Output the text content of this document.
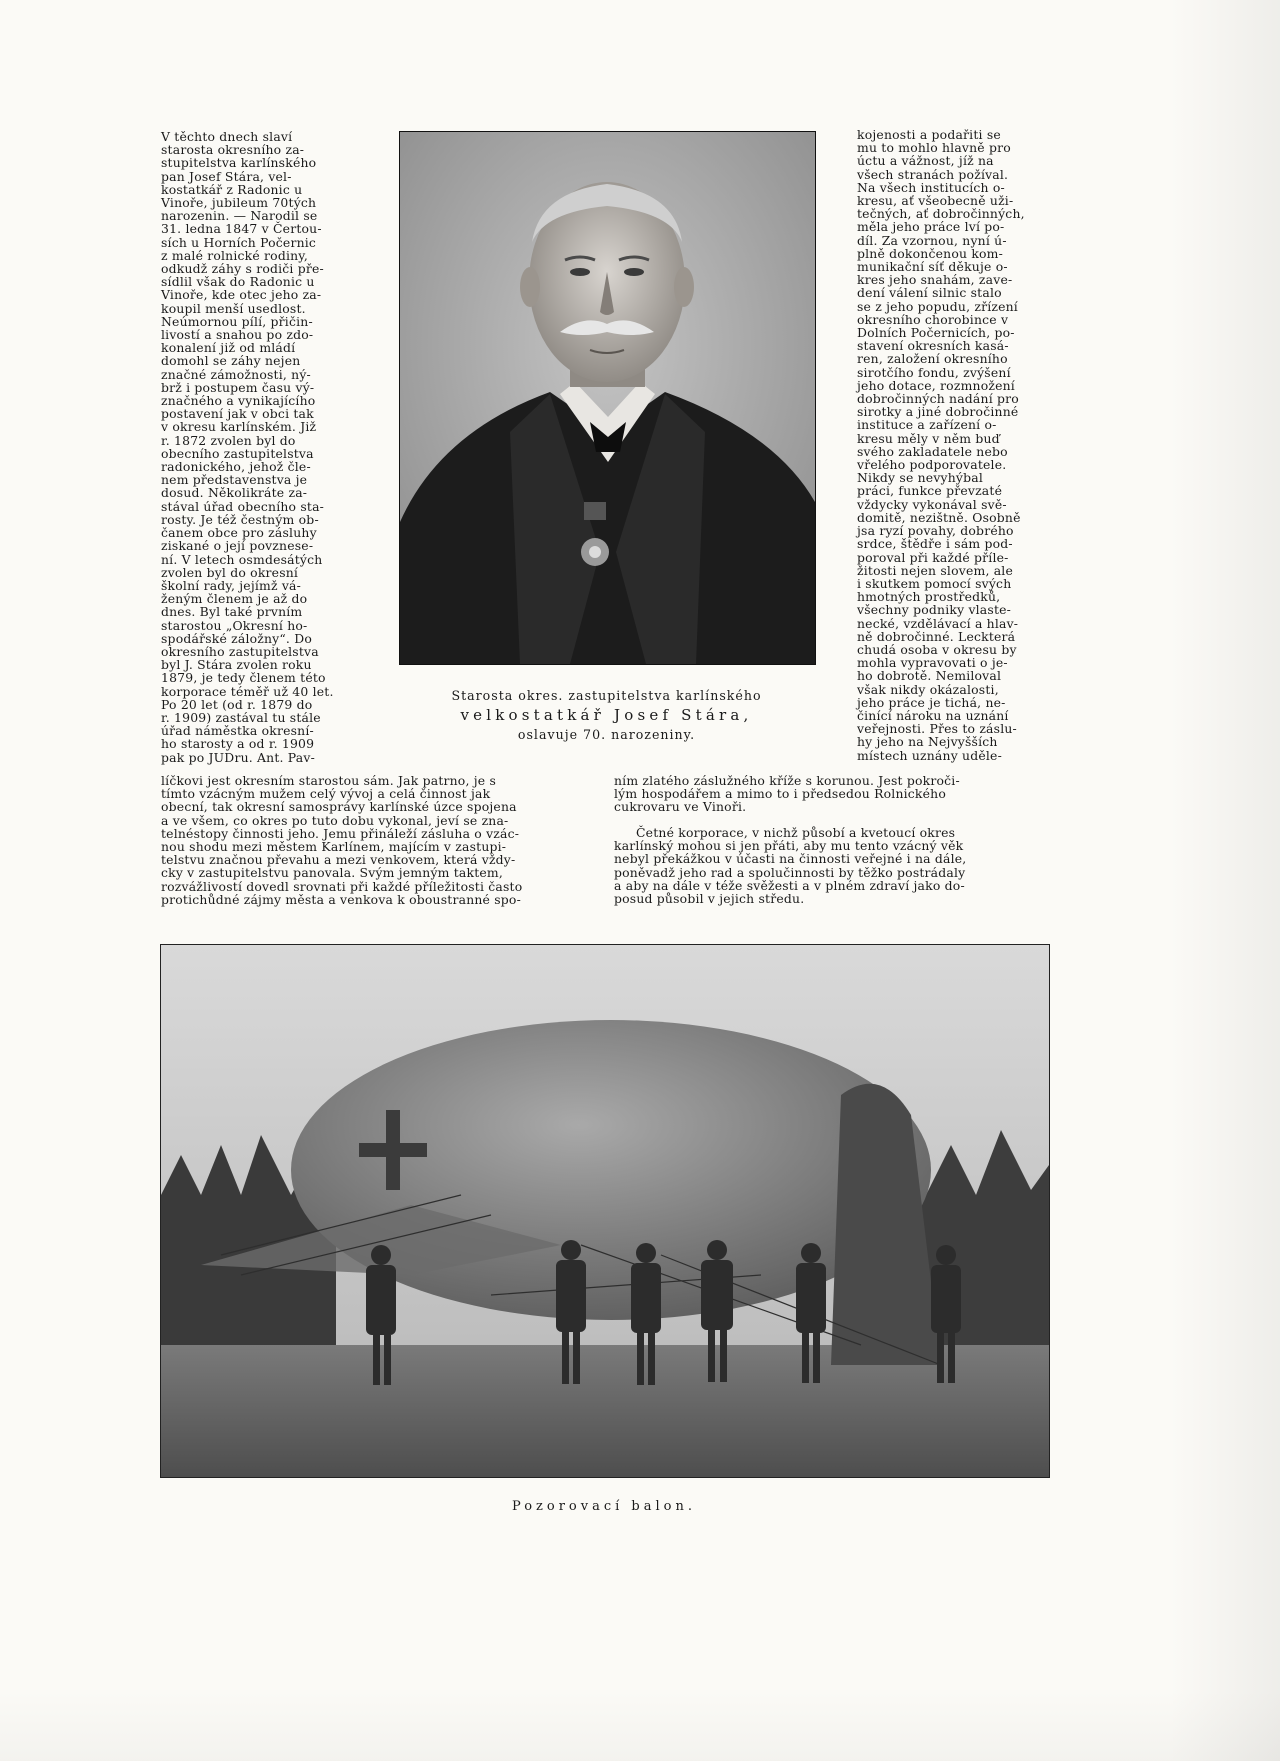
V těchto dnech slaví
starosta okresního za-
stupitelstva karlínského
pan Josef Stára, vel-
kostatkář z Radonic u
Vinoře, jubileum 70tých
narozenin. — Narodil se
31. ledna 1847 v Čertou-
sích u Horních Počernic
z malé rolnické rodiny,
odkudž záhy s rodiči pře-
sídlil však do Radonic u
Vinoře, kde otec jeho za-
koupil menší usedlost.
Neúmornou pílí, přičin-
livostí a snahou po zdo-
konalení již od mládí
domohl se záhy nejen
značné zámožnosti, ný-
brž i postupem času vý-
značného a vynikajícího
postavení jak v obci tak
v okresu karlínském. Již
r. 1872 zvolen byl do
obecního zastupitelstva
radonického, jehož čle-
nem představenstva je
dosud. Několikráte za-
stával úřad obecního sta-
rosty. Je též čestným ob-
čanem obce pro zásluhy
ziskané o její povznese-
ní. V letech osmdesátých
zvolen byl do okresní
školní rady, jejímž vá-
ženým členem je až do
dnes. Byl také prvním
starostou „Okresní ho-
spodářské záložny“. Do
okresního zastupitelstva
byl J. Stára zvolen roku
1879, je tedy členem této
korporace téměř už 40 let.
Po 20 let (od r. 1879 do
r. 1909) zastával tu stále
úřad náměstka okresní-
ho starosty a od r. 1909
pak po JUDru. Ant. Pav-
Starosta okres. zastupitelstva karlínského
velkostatkář Josef Stára,
oslavuje 70. narozeniny.
kojenosti a podařiti se
mu to mohlo hlavně pro
úctu a vážnost, jíž na
všech stranách požíval.
Na všech institucích o-
kresu, ať všeobecně uži-
tečných, ať dobročinných,
měla jeho práce lví po-
díl. Za vzornou, nyní ú-
plně dokončenou kom-
munikační síť děkuje o-
kres jeho snahám, zave-
dení válení silnic stalo
se z jeho popudu, zřízení
okresního chorobince v
Dolních Počernicích, po-
stavení okresních kasá-
ren, založení okresního
sirotčího fondu, zvýšení
jeho dotace, rozmnožení
dobročinných nadání pro
sirotky a jiné dobročinné
instituce a zařízení o-
kresu měly v něm buď
svého zakladatele nebo
vřelého podporovatele.
Nikdy se nevyhýbal
práci, funkce převzaté
vždycky vykonával svě-
domitě, nezištně. Osobně
jsa ryzí povahy, dobrého
srdce, štědře i sám pod-
poroval při každé příle-
žitosti nejen slovem, ale
i skutkem pomocí svých
hmotných prostředků,
všechny podniky vlaste-
necké, vzdělávací a hlav-
ně dobročinné. Leckterá
chudá osoba v okresu by
mohla vypravovati o je-
ho dobrotě. Nemiloval
však nikdy okázalosti,
jeho práce je tichá, ne-
činící nároku na uznání
veřejnosti. Přes to záslu-
hy jeho na Nejvyšších
místech uznány uděle-
líčkovi jest okresním starostou sám. Jak patrno, je s
tímto vzácným mužem celý vývoj a celá činnost jak
obecní, tak okresní samosprávy karlínské úzce spojena
a ve všem, co okres po tuto dobu vykonal, jeví se zna-
telnéstopy činnosti jeho. Jemu přináleží zásluha o vzác-
nou shodu mezi městem Karlínem, majícím v zastupi-
telstvu značnou převahu a mezi venkovem, která vždy-
cky v zastupitelstvu panovala. Svým jemným taktem,
rozvážlivostí dovedl srovnati při každé příležitosti často
protichůdné zájmy města a venkova k oboustranné spo-
ním zlatého záslužného kříže s korunou. Jest pokroči-
lým hospodářem a mimo to i předsedou Rolnického
cukrovaru ve Vinoři.
Četné korporace, v nichž působí a kvetoucí okres
karlínský mohou si jen přáti, aby mu tento vzácný věk
nebyl překážkou v účasti na činnosti veřejné i na dále,
poněvadž jeho rad a spolučinnosti by těžko postrádaly
a aby na dále v téže svěžesti a v plném zdraví jako do-
posud působil v jejich středu.
Pozorovací balon.
